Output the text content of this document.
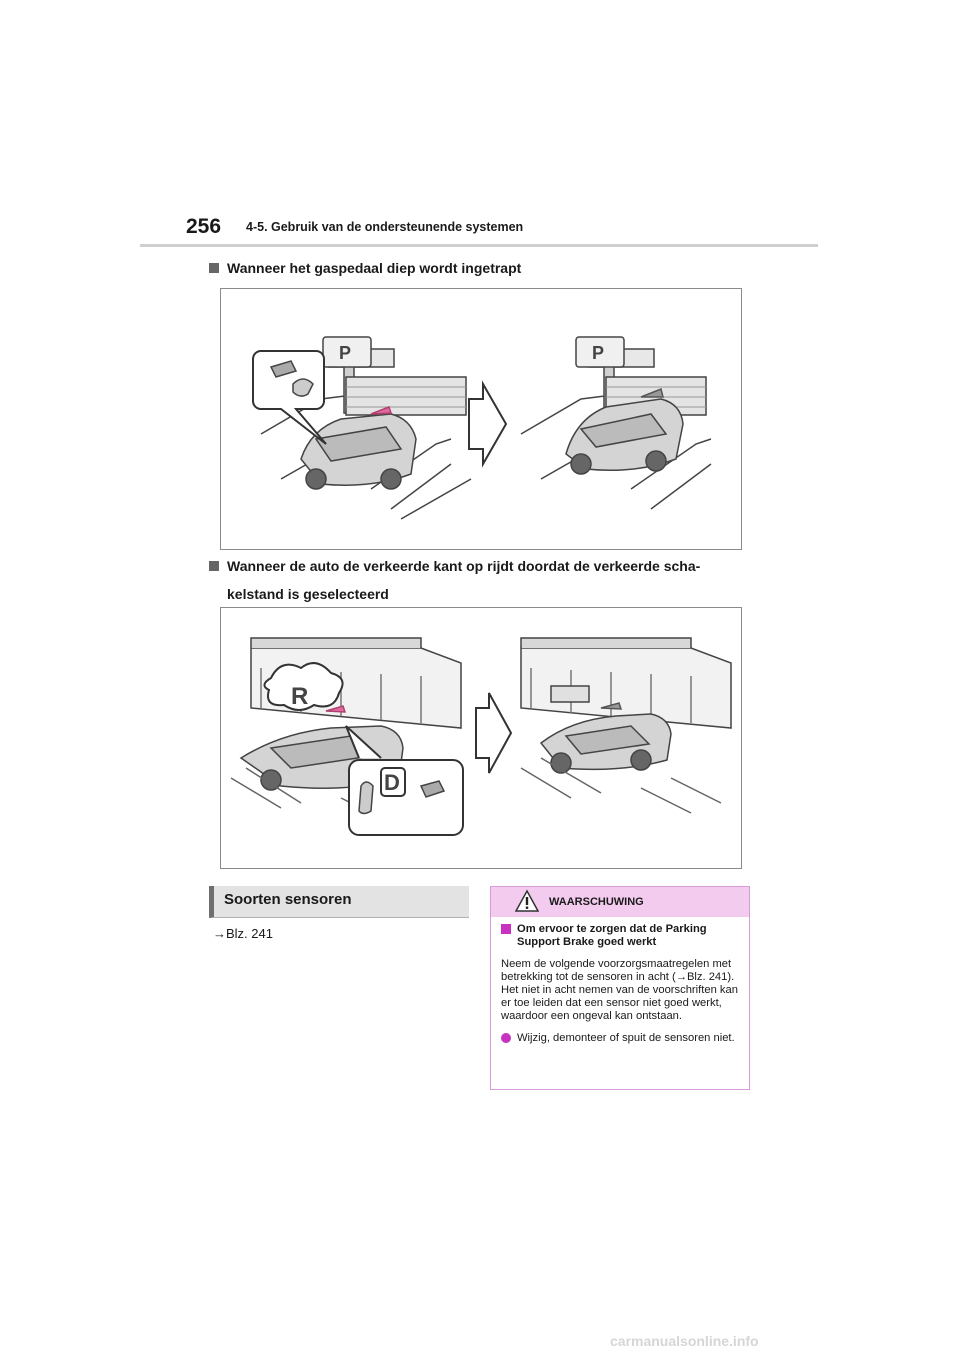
256 4-5. Gebruik van de ondersteunende systemen
Wanneer het gaspedaal diep wordt ingetrapt
P	P
Wanneer de auto de verkeerde kant op rijdt doordat de verkeerde scha-
kelstand is geselecteerd
R
D
Soorten sensoren
→Blz. 241
WAARSCHUWING

Om ervoor te zorgen dat de Parking Support Brake goed werkt

Neem de volgende voorzorgsmaatregelen met betrekking tot de sensoren in acht (→Blz. 241). Het niet in acht nemen van de voorschriften kan er toe leiden dat een sensor niet goed werkt, waardoor een ongeval kan ontstaan.

Wijzig, demonteer of spuit de sensoren niet.

carmanualsonline.info
